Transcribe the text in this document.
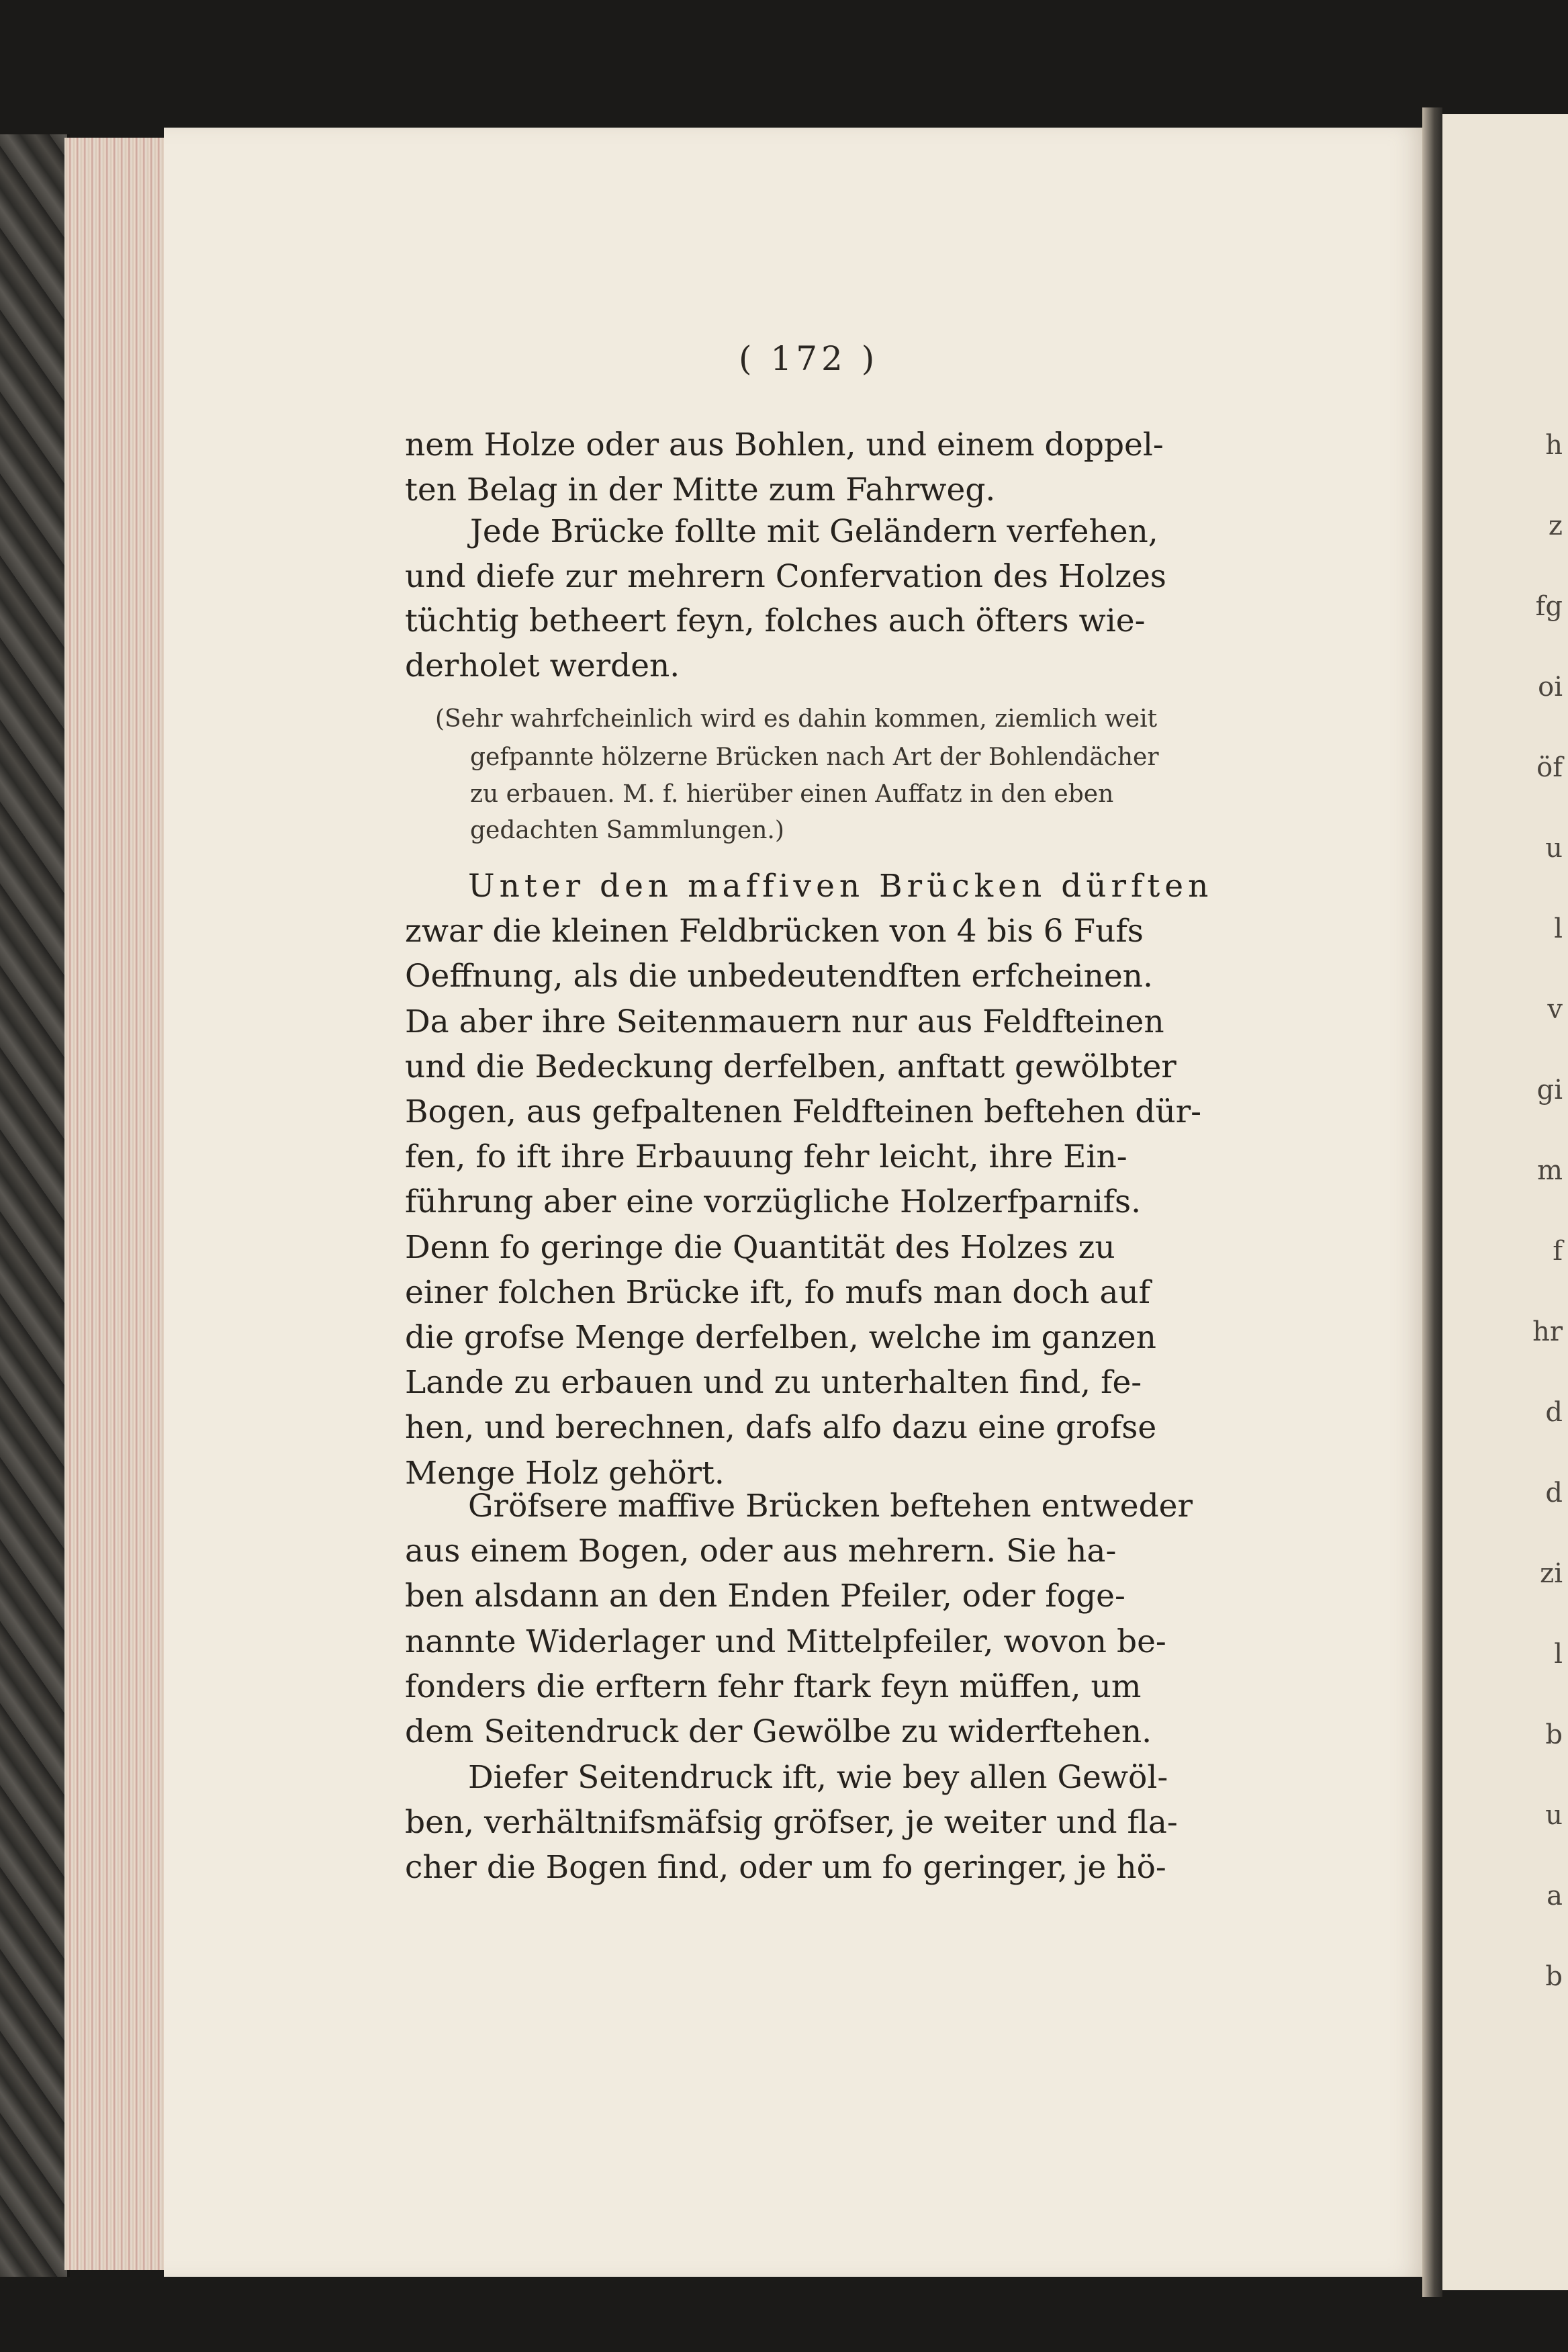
h
z
fg
oi
öf
u
l
v
gi
m
f
hr
d
d
zi
l
b
u
a
b
( 172 )
nem Holze oder aus Bohlen, und einem doppel-
ten Belag in der Mitte zum Fahrweg.
Jede Brücke follte mit Geländern verfehen,
und diefe zur mehrern Confervation des Holzes
tüchtig betheert feyn, folches auch öfters wie-
derholet werden.
(Sehr wahrfcheinlich wird es dahin kommen, ziemlich weit
gefpannte hölzerne Brücken nach Art der Bohlendächer
zu erbauen. M. f. hierüber einen Auffatz in den eben
gedachten Sammlungen.)
Unter den maffiven Brücken dürften
zwar die kleinen Feldbrücken von 4 bis 6 Fufs
Oeffnung, als die unbedeutendften erfcheinen.
Da aber ihre Seitenmauern nur aus Feldfteinen
und die Bedeckung derfelben, anftatt gewölbter
Bogen, aus gefpaltenen Feldfteinen beftehen dür-
fen, fo ift ihre Erbauung fehr leicht, ihre Ein-
führung aber eine vorzügliche Holzerfparnifs.
Denn fo geringe die Quantität des Holzes zu
einer folchen Brücke ift, fo mufs man doch auf
die grofse Menge derfelben, welche im ganzen
Lande zu erbauen und zu unterhalten find, fe-
hen, und berechnen, dafs alfo dazu eine grofse
Menge Holz gehört.
Gröfsere maffive Brücken beftehen entweder
aus einem Bogen, oder aus mehrern. Sie ha-
ben alsdann an den Enden Pfeiler, oder foge-
nannte Widerlager und Mittelpfeiler, wovon be-
fonders die erftern fehr ftark feyn müffen, um
dem Seitendruck der Gewölbe zu widerftehen.
Diefer Seitendruck ift, wie bey allen Gewöl-
ben, verhältnifsmäfsig gröfser, je weiter und fla-
cher die Bogen find, oder um fo geringer, je hö-
